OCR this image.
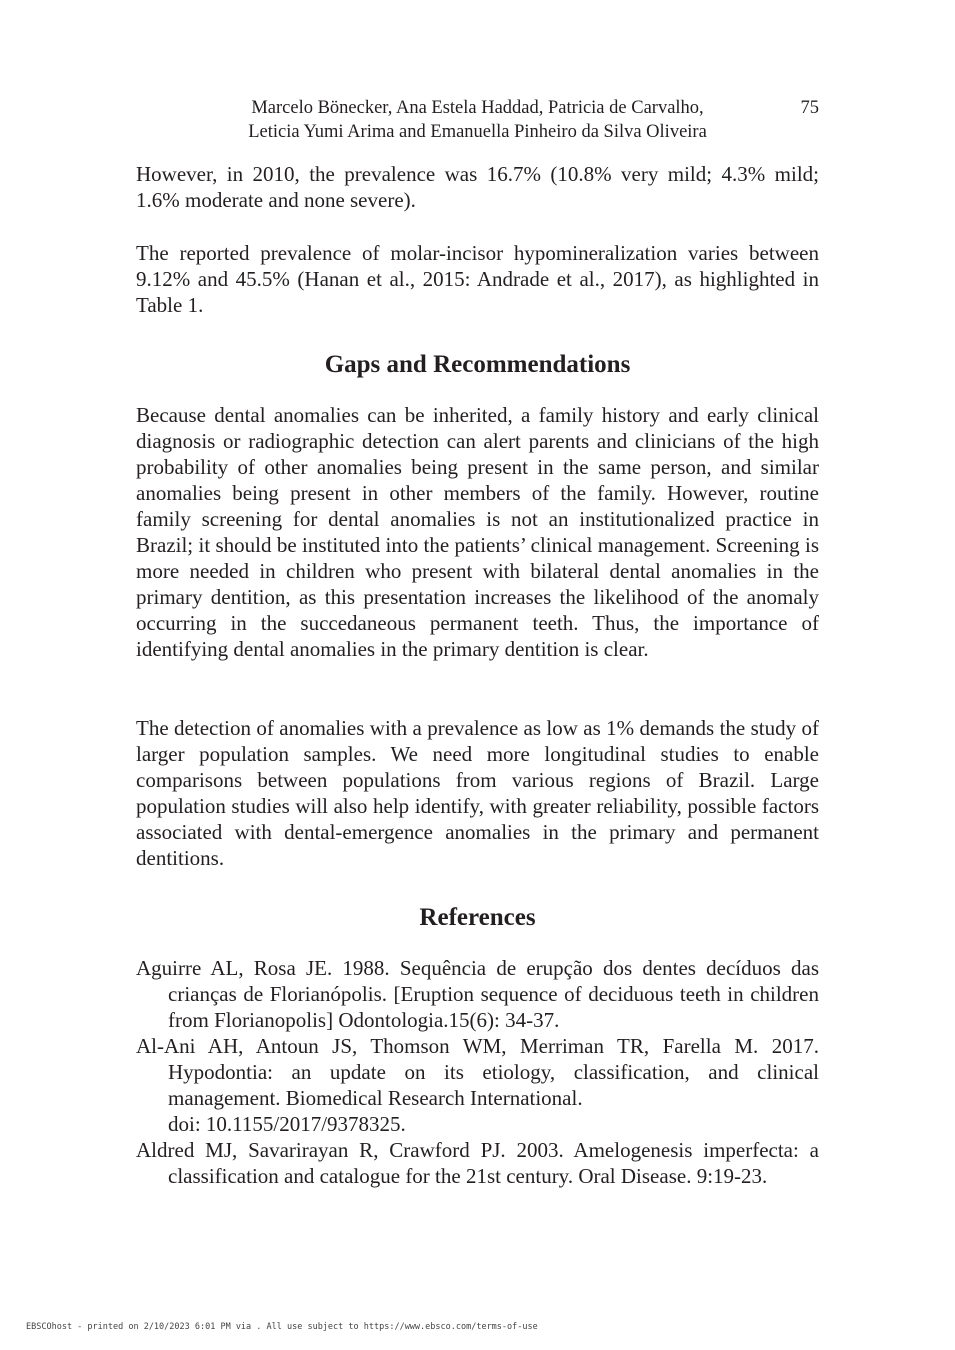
Marcelo Bönecker, Ana Estela Haddad, Patricia de Carvalho,
Leticia Yumi Arima and Emanuella Pinheiro da Silva Oliveira
75

However, in 2010, the prevalence was 16.7% (10.8% very mild; 4.3% mild; 1.6% moderate and none severe).

The reported prevalence of molar-incisor hypomineralization varies between 9.12% and 45.5% (Hanan et al., 2015: Andrade et al., 2017), as highlighted in Table 1.

Gaps and Recommendations

Because dental anomalies can be inherited, a family history and early clinical diagnosis or radiographic detection can alert parents and clinicians of the high probability of other anomalies being present in the same person, and similar anomalies being present in other members of the family. However, routine family screening for dental anomalies is not an institutionalized practice in Brazil; it should be instituted into the patients’ clinical management. Screening is more needed in children who present with bilateral dental anomalies in the primary dentition, as this presentation increases the likelihood of the anomaly occurring in the succedaneous permanent teeth. Thus, the importance of identifying dental anomalies in the primary dentition is clear.

The detection of anomalies with a prevalence as low as 1% demands the study of larger population samples. We need more longitudinal studies to enable comparisons between populations from various regions of Brazil. Large population studies will also help identify, with greater reliability, possible factors associated with dental-emergence anomalies in the primary and permanent dentitions.

References
Aguirre AL, Rosa JE. 1988. Sequência de erupção dos dentes decíduos das crianças de Florianópolis. [Eruption sequence of deciduous teeth in children from Florianopolis] Odontologia.15(6): 34-37.
Al-Ani AH, Antoun JS, Thomson WM, Merriman TR, Farella M. 2017. Hypodontia: an update on its etiology, classification, and clinical management. Biomedical Research International.
doi: 10.1155/2017/9378325.
Aldred MJ, Savarirayan R, Crawford PJ. 2003. Amelogenesis imperfecta: a classification and catalogue for the 21st century. Oral Disease. 9:19-23.
EBSCOhost - printed on 2/10/2023 6:01 PM via . All use subject to https://www.ebsco.com/terms-of-use
